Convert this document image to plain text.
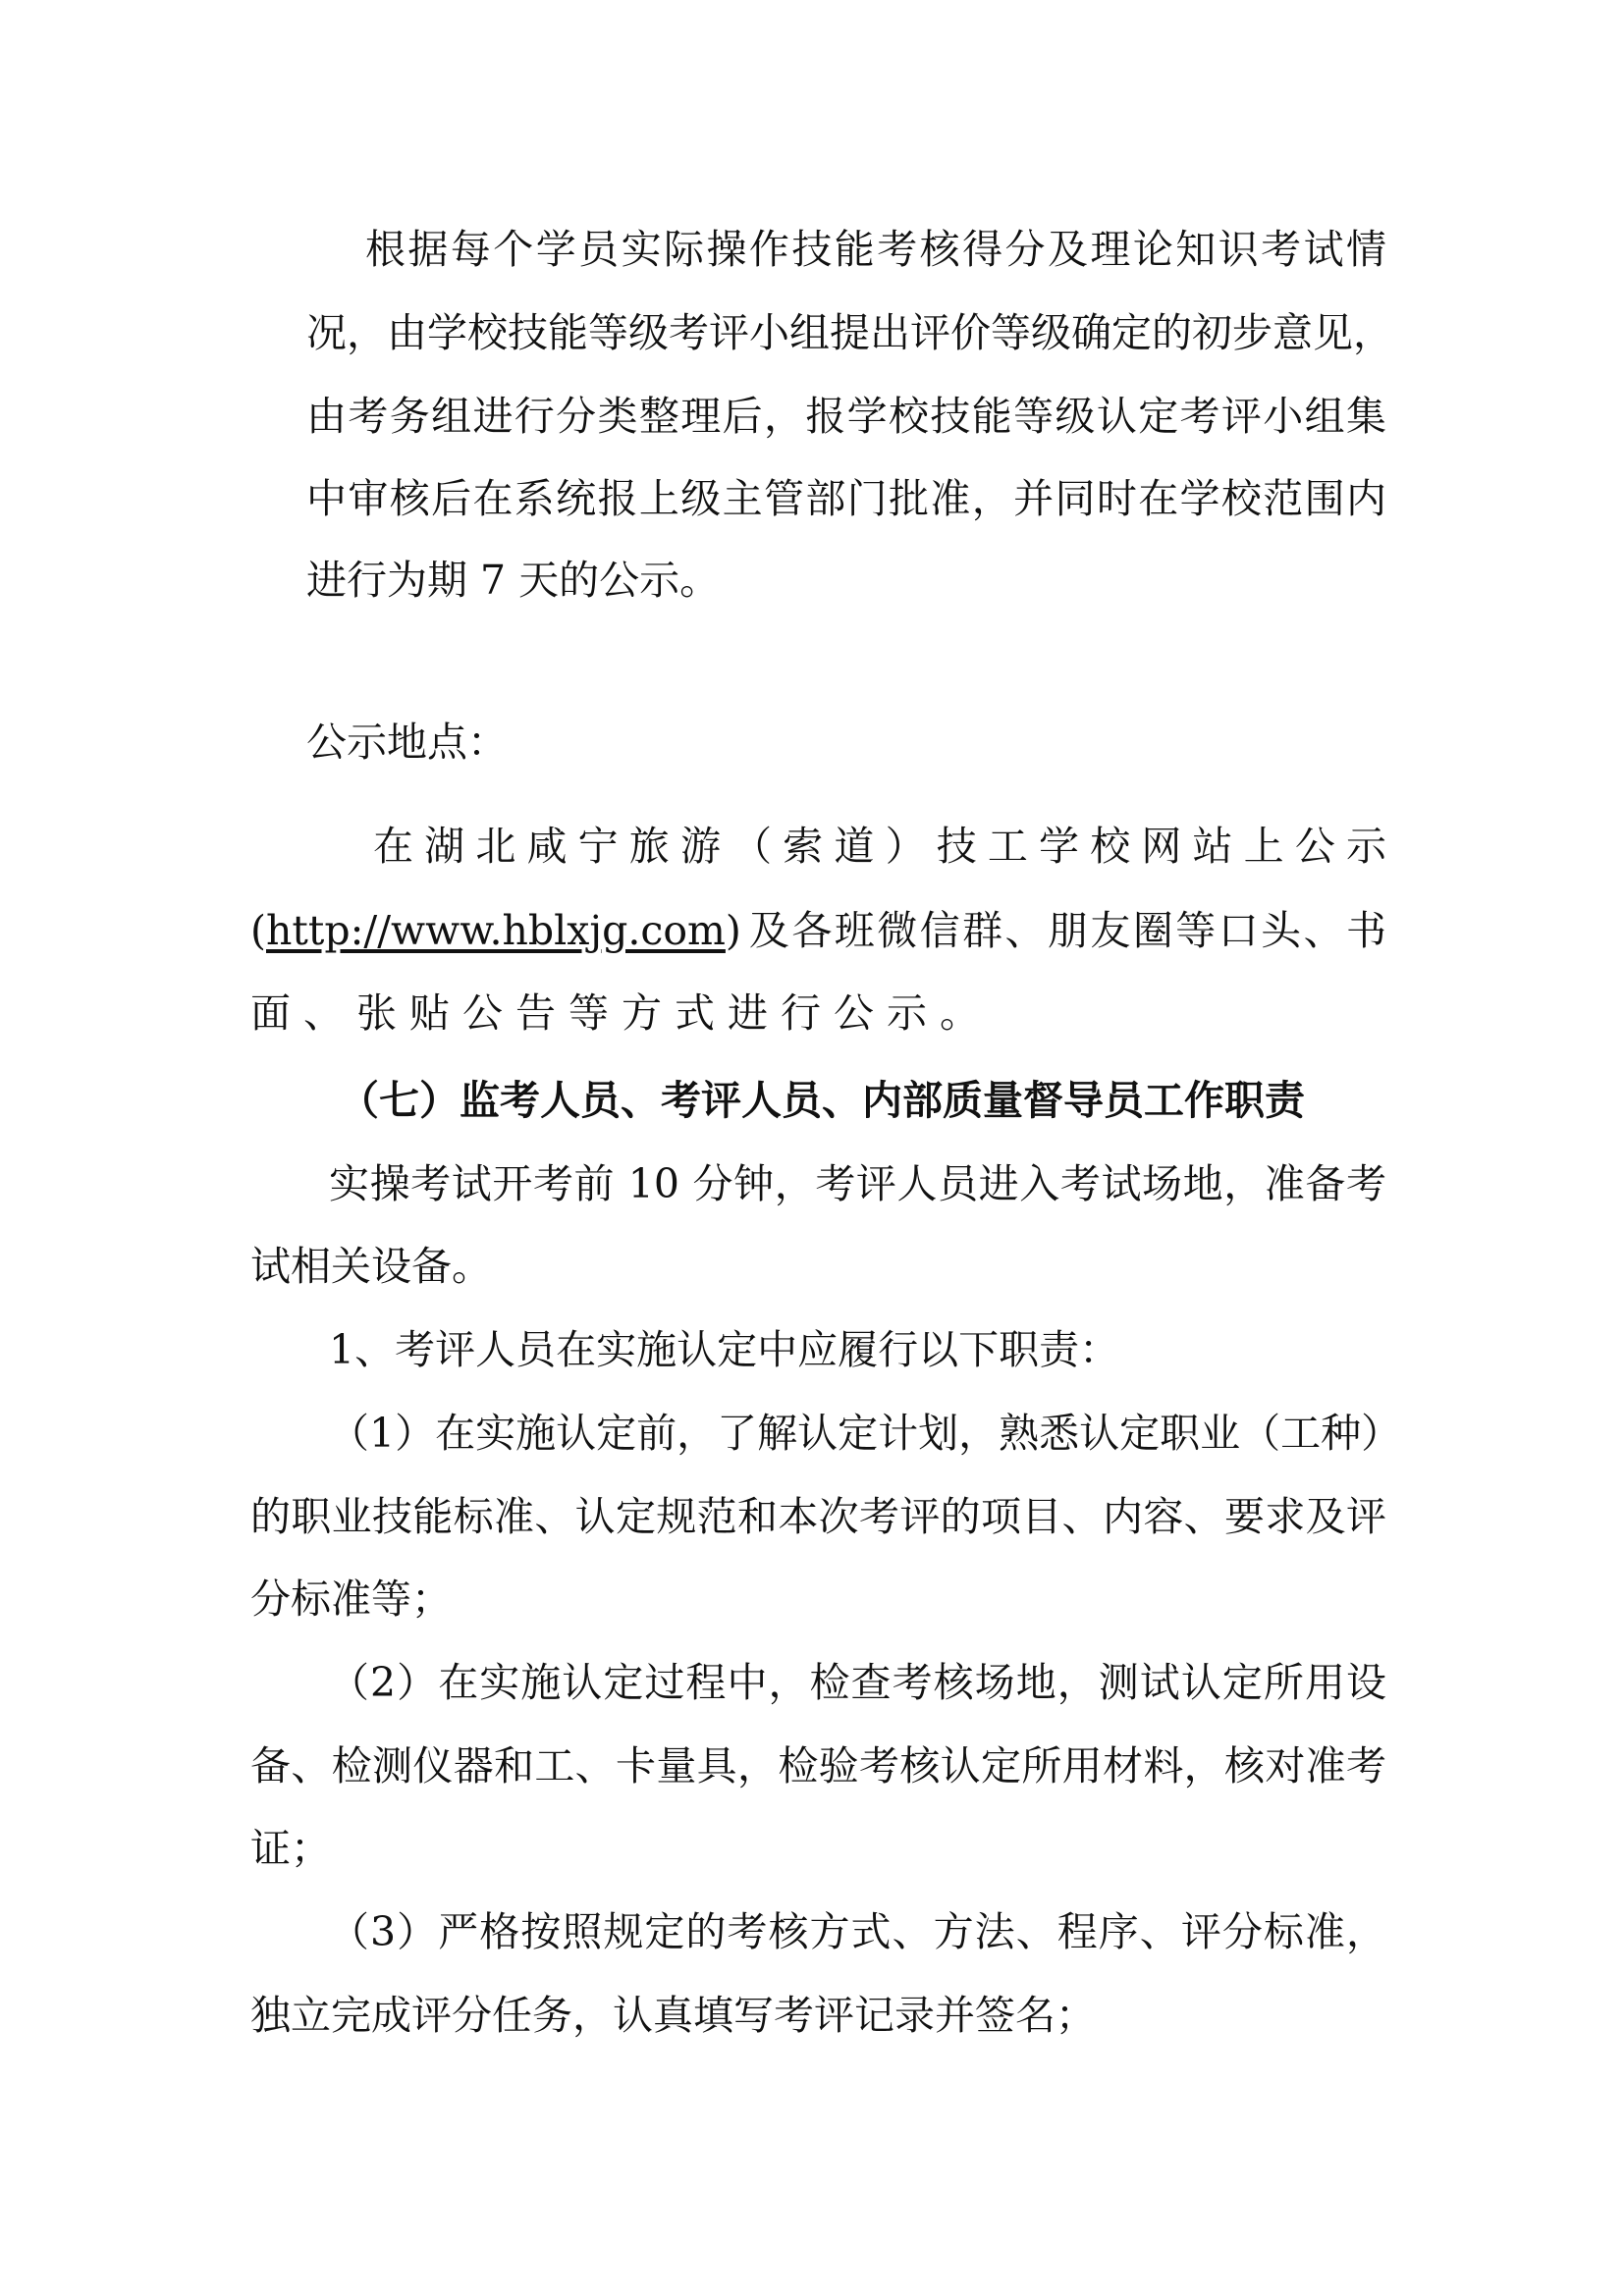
根据每个学员实际操作技能考核得分及理论知识考试情
况，由学校技能等级考评小组提出评价等级确定的初步意见，
由考务组进行分类整理后，报学校技能等级认定考评小组集
中审核后在系统报上级主管部门批准，并同时在学校范围内
进行为期 7 天的公示。
公示地点：
在湖北咸宁旅游（索道）技工学校网站上公示
(http://www.hblxjg.com) 及各班微信群、朋友圈等口头、书
面、张贴公告等方式进行公示。
（七）监考人员、考评人员、内部质量督导员工作职责
实操考试开考前 10 分钟，考评人员进入考试场地，准备考
试相关设备。
1、考评人员在实施认定中应履行以下职责：
（1）在实施认定前，了解认定计划，熟悉认定职业（工种）
的职业技能标准、认定规范和本次考评的项目、内容、要求及评
分标准等；
（2）在实施认定过程中，检查考核场地，测试认定所用设
备、检测仪器和工、卡量具，检验考核认定所用材料，核对准考
证；
（3）严格按照规定的考核方式、方法、程序、评分标准，
独立完成评分任务，认真填写考评记录并签名；
